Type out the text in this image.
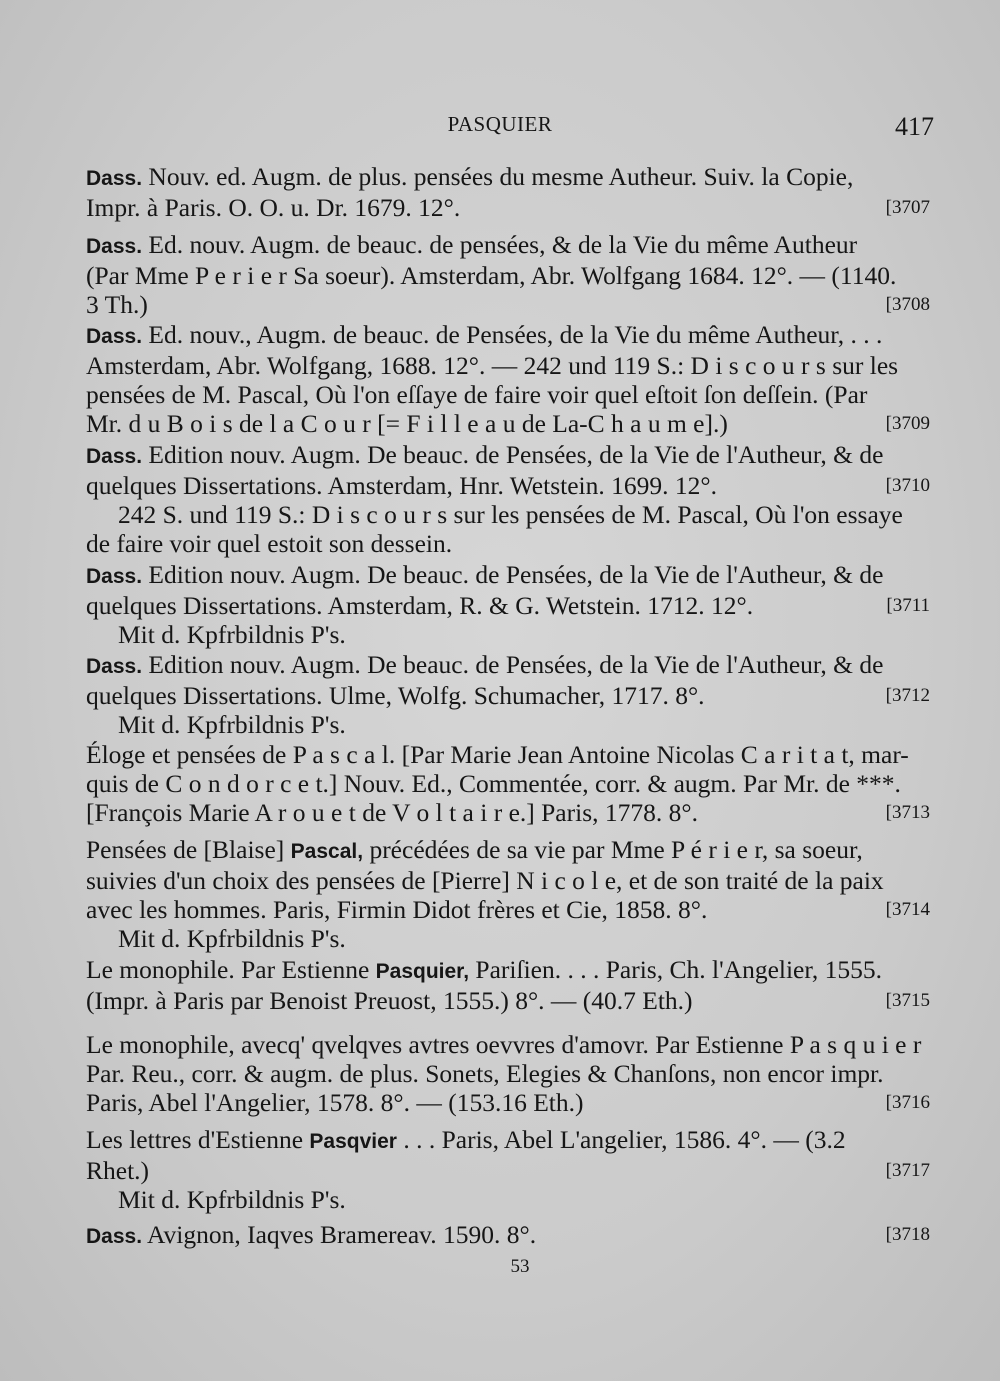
PASQUIER	417
Dass. Nouv. ed. Augm. de plus. pensées du mesme Autheur. Suiv. la Copie,
Impr. à Paris. O. O. u. Dr. 1679. 12°.	[3707
Dass. Ed. nouv. Augm. de beauc. de pensées, & de la Vie du même Autheur
(Par Mme P e r i e r Sa soeur). Amsterdam, Abr. Wolfgang 1684. 12°. — (1140.
3 Th.)	[3708
Dass. Ed. nouv., Augm. de beauc. de Pensées, de la Vie du même Autheur, . . .
Amsterdam, Abr. Wolfgang, 1688. 12°. — 242 und 119 S.: D i s c o u r s sur les
pensées de M. Pascal, Où l'on eſſaye de faire voir quel eſtoit ſon deſſein. (Par
Mr. d u B o i s de l a C o u r [= F i l l e a u de La-C h a u m e].)	[3709
Dass. Edition nouv. Augm. De beauc. de Pensées, de la Vie de l'Autheur, & de
quelques Dissertations. Amsterdam, Hnr. Wetstein. 1699. 12°.	[3710
242 S. und 119 S.: D i s c o u r s sur les pensées de M. Pascal, Où l'on essaye
de faire voir quel estoit son dessein.
Dass. Edition nouv. Augm. De beauc. de Pensées, de la Vie de l'Autheur, & de
quelques Dissertations. Amsterdam, R. & G. Wetstein. 1712. 12°.	[3711
Mit d. Kpfrbildnis P's.
Dass. Edition nouv. Augm. De beauc. de Pensées, de la Vie de l'Autheur, & de
quelques Dissertations. Ulme, Wolfg. Schumacher, 1717. 8°.	[3712
Mit d. Kpfrbildnis P's.
Éloge et pensées de P a s c a l. [Par Marie Jean Antoine Nicolas C a r i t a t, mar-
quis de C o n d o r c e t.] Nouv. Ed., Commentée, corr. & augm. Par Mr. de ***.
[François Marie A r o u e t de V o l t a i r e.] Paris, 1778. 8°.	[3713
Pensées de [Blaise] Pascal, précédées de sa vie par Mme P é r i e r, sa soeur,
suivies d'un choix des pensées de [Pierre] N i c o l e, et de son traité de la paix
avec les hommes. Paris, Firmin Didot frères et Cie, 1858. 8°.	[3714
Mit d. Kpfrbildnis P's.
Le monophile. Par Estienne Pasquier, Pariſien. . . . Paris, Ch. l'Angelier, 1555.
(Impr. à Paris par Benoist Preuost, 1555.) 8°. — (40.7 Eth.)	[3715
Le monophile, avecq' qvelqves avtres oevvres d'amovr. Par Estienne P a s q u i e r
Par. Reu., corr. & augm. de plus. Sonets, Elegies & Chanſons, non encor impr.
Paris, Abel l'Angelier, 1578. 8°. — (153.16 Eth.)	[3716
Les lettres d'Estienne Pasqvier . . . Paris, Abel L'angelier, 1586. 4°. — (3.2
Rhet.)	[3717
Mit d. Kpfrbildnis P's.
Dass. Avignon, Iaqves Bramereav. 1590. 8°.	[3718
53
